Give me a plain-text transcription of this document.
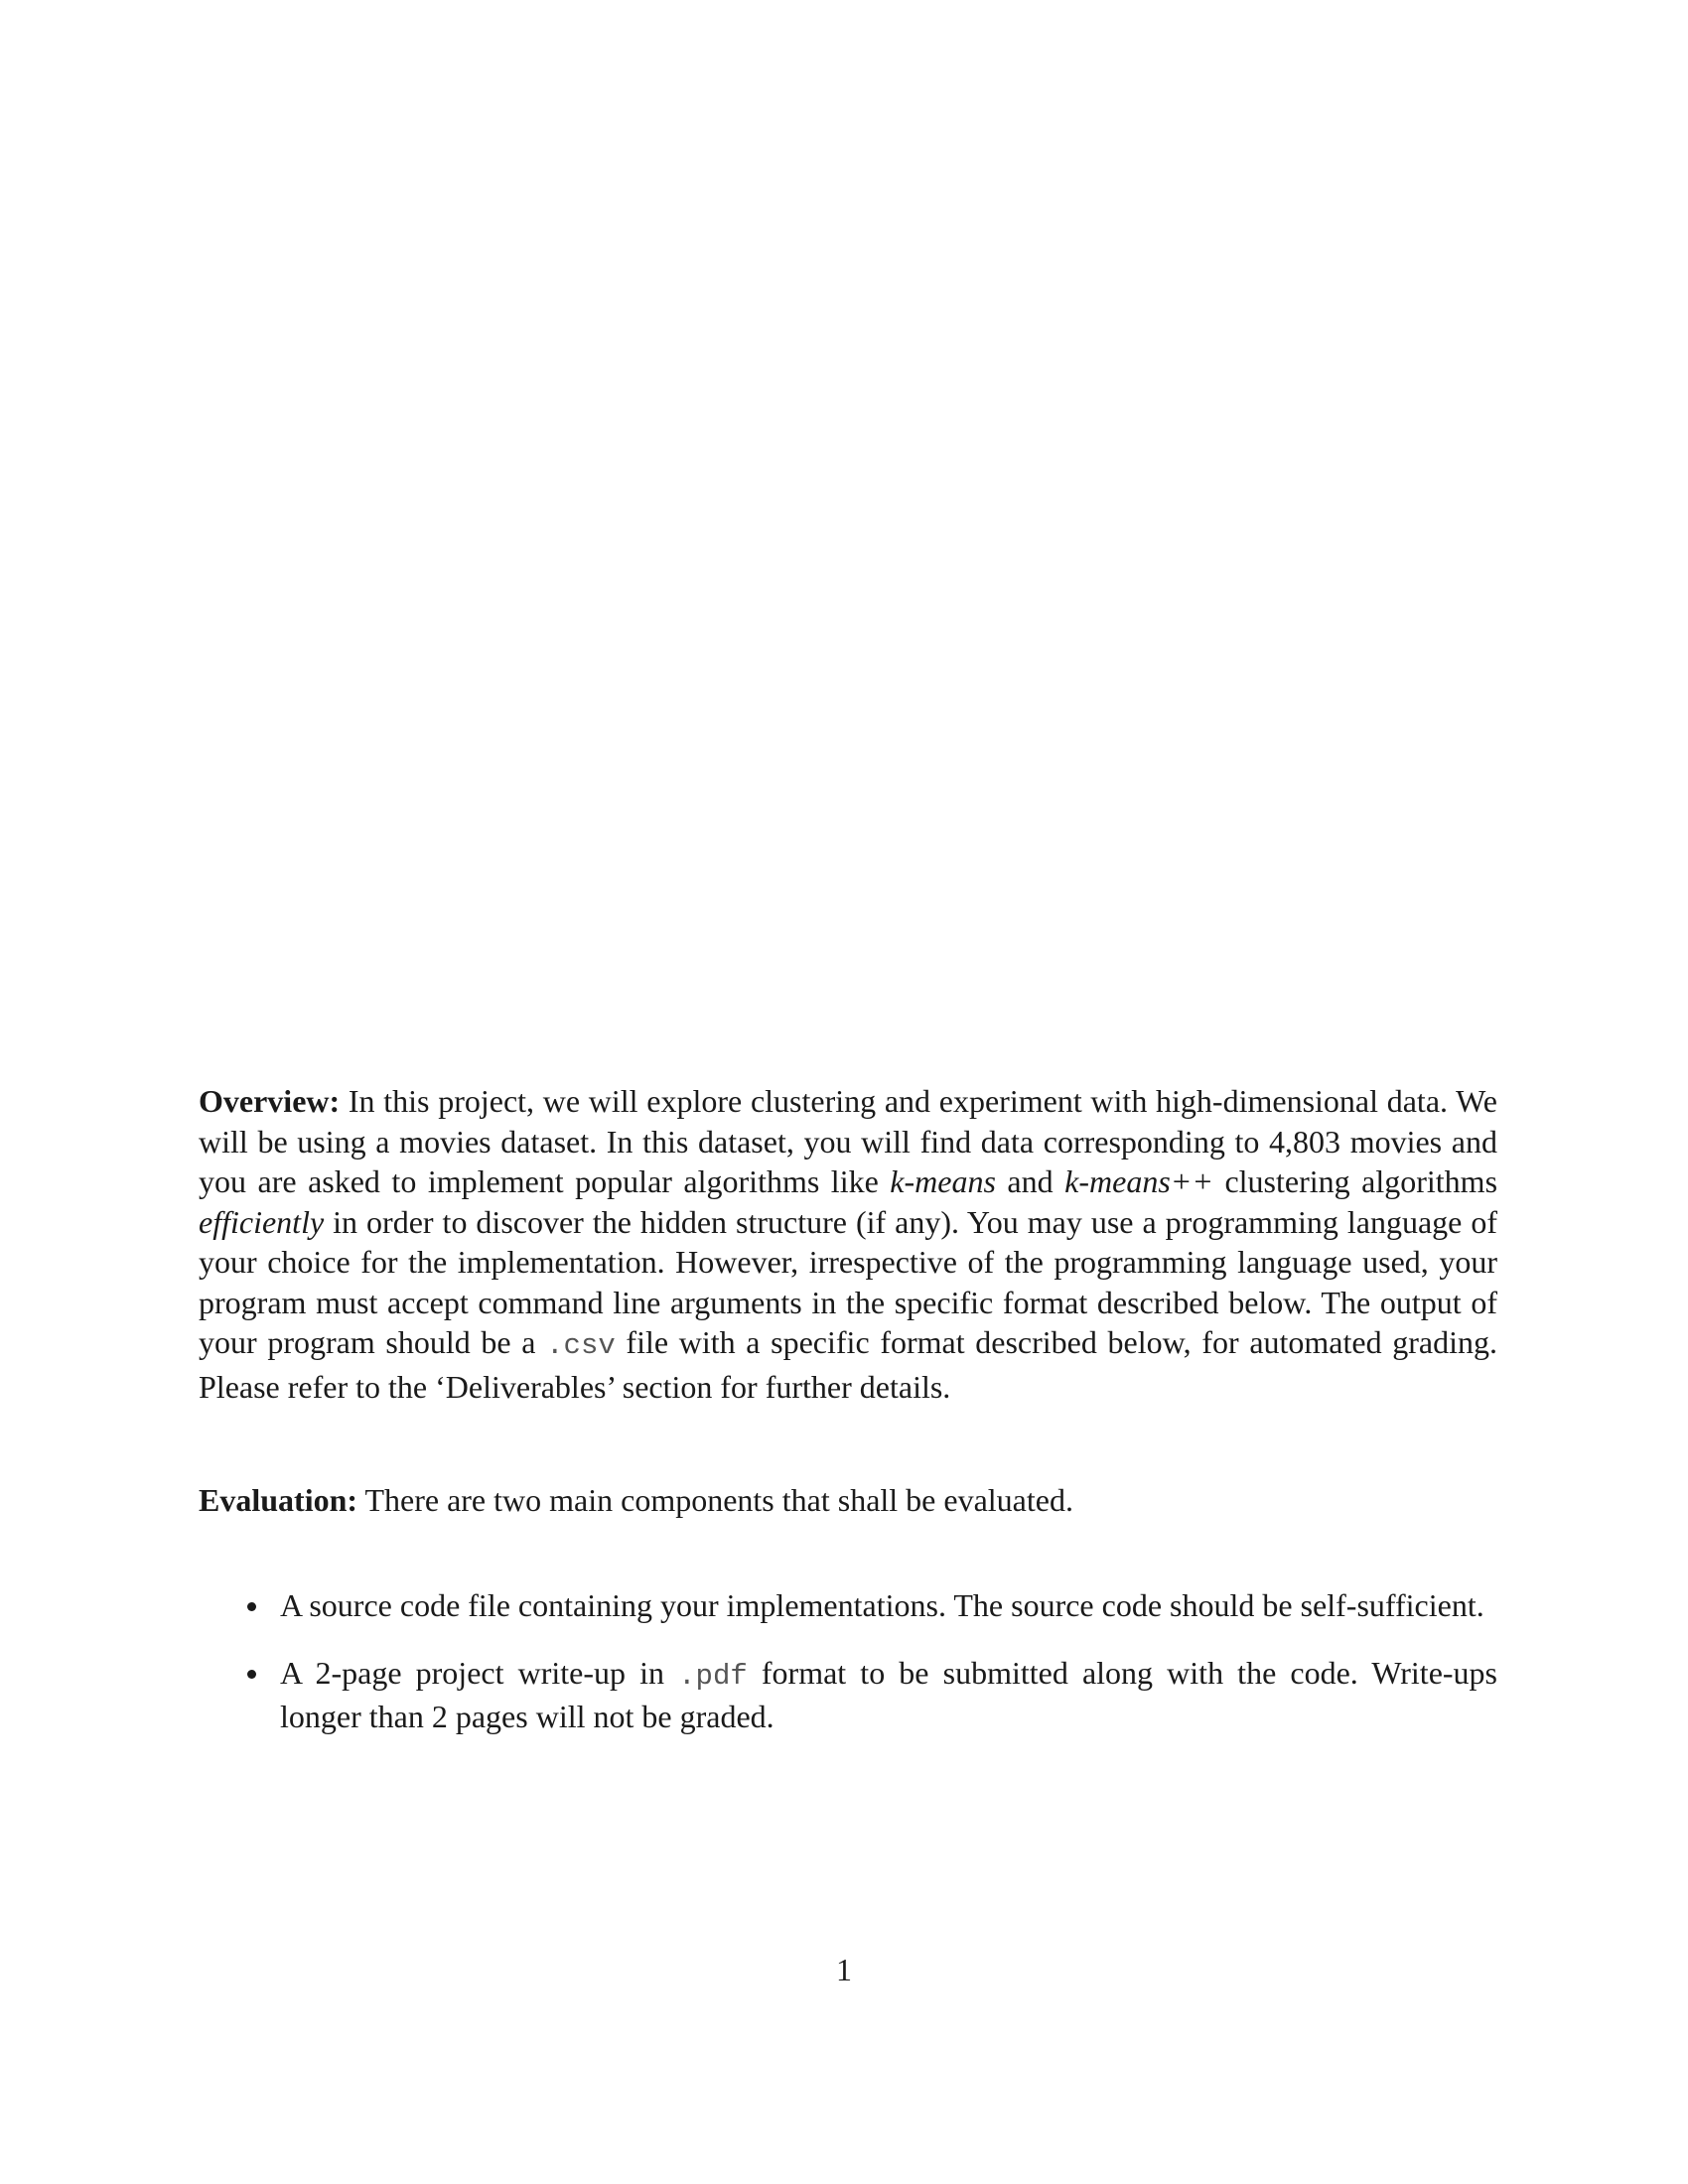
Overview: In this project, we will explore clustering and experiment with high-dimensional data. We will be using a movies dataset. In this dataset, you will find data corresponding to 4,803 movies and you are asked to implement popular algorithms like k-means and k-means++ clustering algorithms efficiently in order to discover the hidden structure (if any). You may use a programming language of your choice for the implementation. However, irrespective of the programming language used, your program must accept command line arguments in the specific format described below. The output of your program should be a .csv file with a specific format described below, for automated grading. Please refer to the ‘Deliverables’ section for further details.

Evaluation: There are two main components that shall be evaluated.

A source code file containing your implementations. The source code should be self-sufficient.
A 2-page project write-up in .pdf format to be submitted along with the code. Write-ups longer than 2 pages will not be graded.
1
